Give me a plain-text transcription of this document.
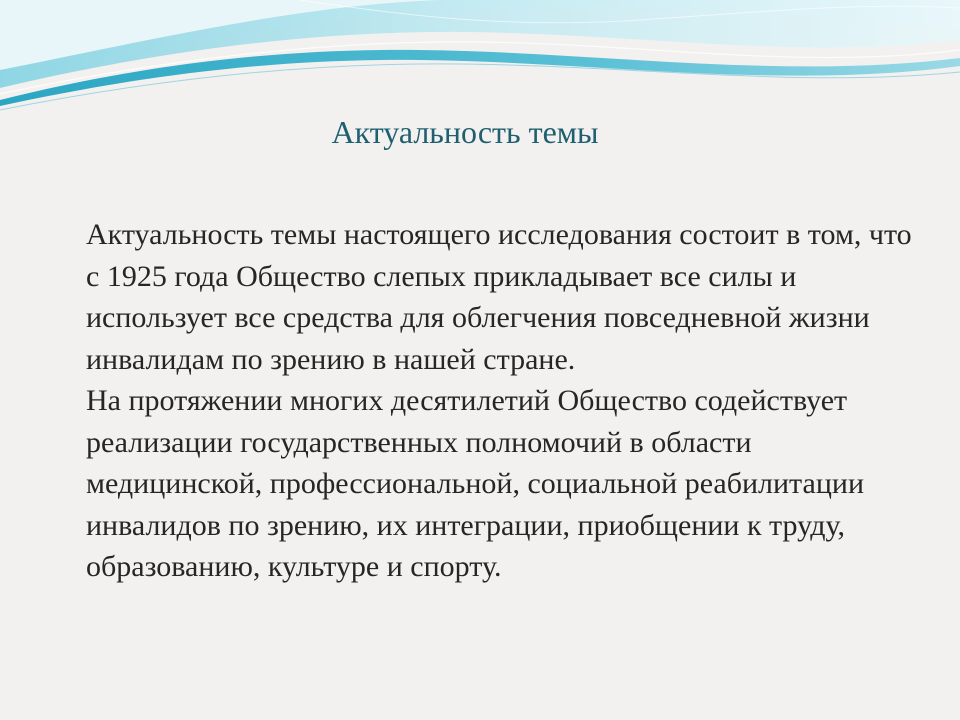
Актуальность темы

Актуальность темы настоящего исследования состоит в том, что с 1925 года Общество слепых прикладывает все силы и использует все средства для облегчения повседневной жизни инвалидам по зрению в нашей стране.

На протяжении многих десятилетий Общество содействует реализации государственных полномочий в области медицинской, профессиональной, социальной реабилитации инвалидов по зрению, их интеграции, приобщении к труду, образованию, культуре и спорту.
